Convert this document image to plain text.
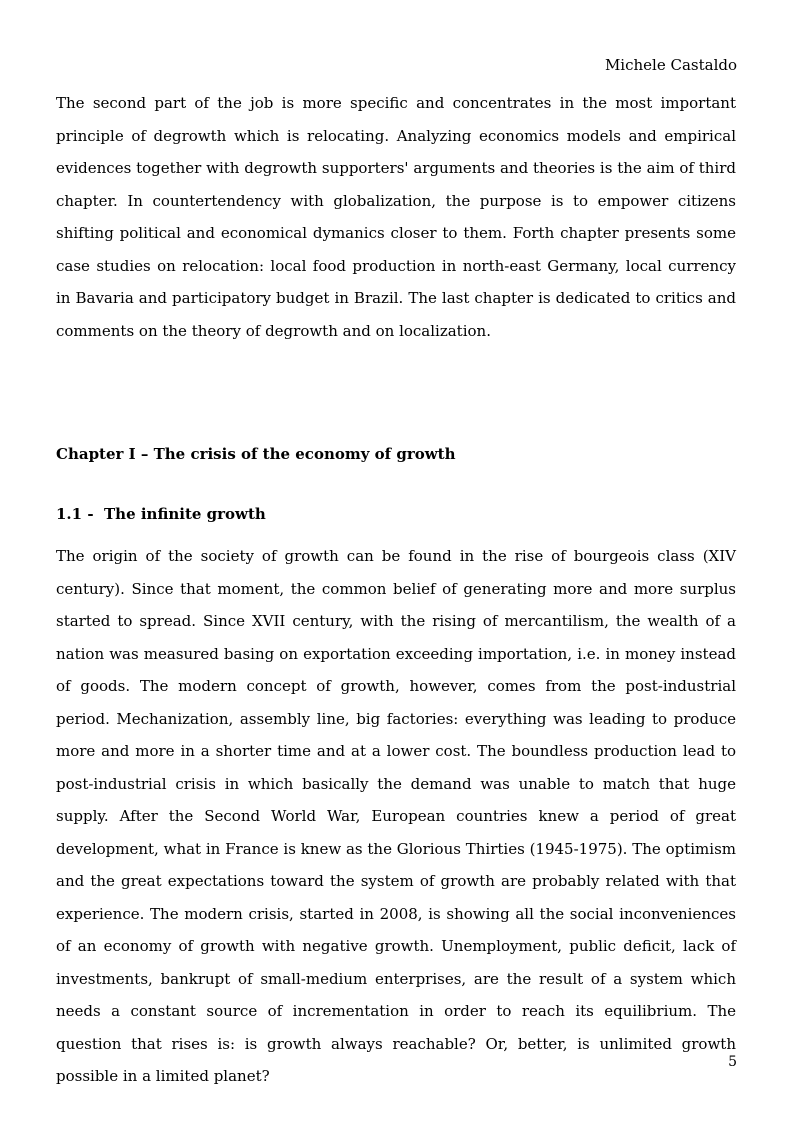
Michele Castaldo

The second part of the job is more specific and concentrates in the most important principle of degrowth which is relocating. Analyzing economics models and empirical evidences together with degrowth supporters' arguments and theories is the aim of third chapter. In countertendency with globalization, the purpose is to empower citizens shifting political and economical dymanics closer to them. Forth chapter presents some case studies on relocation: local food production in north-east Germany, local currency in Bavaria and participatory budget in Brazil. The last chapter is dedicated to critics and comments on the theory of degrowth and on localization.

Chapter I – The crisis of the economy of growth
1.1 - The infinite growth

The origin of the society of growth can be found in the rise of bourgeois class (XIV century). Since that moment, the common belief of generating more and more surplus started to spread. Since XVII century, with the rising of mercantilism, the wealth of a nation was measured basing on exportation exceeding importation, i.e. in money instead of goods. The modern concept of growth, however, comes from the post-industrial period. Mechanization, assembly line, big factories: everything was leading to produce more and more in a shorter time and at a lower cost. The boundless production lead to post-industrial crisis in which basically the demand was unable to match that huge supply. After the Second World War, European countries knew a period of great development, what in France is knew as the Glorious Thirties (1945-1975). The optimism and the great expectations toward the system of growth are probably related with that experience. The modern crisis, started in 2008, is showing all the social inconveniences of an economy of growth with negative growth. Unemployment, public deficit, lack of investments, bankrupt of small-medium enterprises, are the result of a system which needs a constant source of incrementation in order to reach its equilibrium. The question that rises is: is growth always reachable? Or, better, is unlimited growth possible in a limited planet?

5
